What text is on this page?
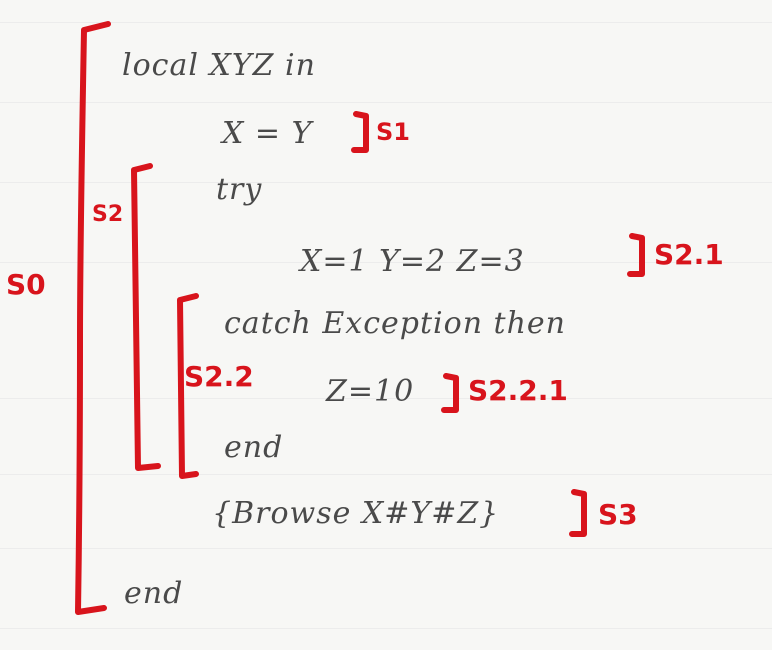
local XYZ in
X = Y
try
X=1 Y=2 Z=3
catch Exception then
Z=10
end
{Browse X#Y#Z}
end
S0
S1
S2
S2.1
S2.2	S2.2.1
S3
